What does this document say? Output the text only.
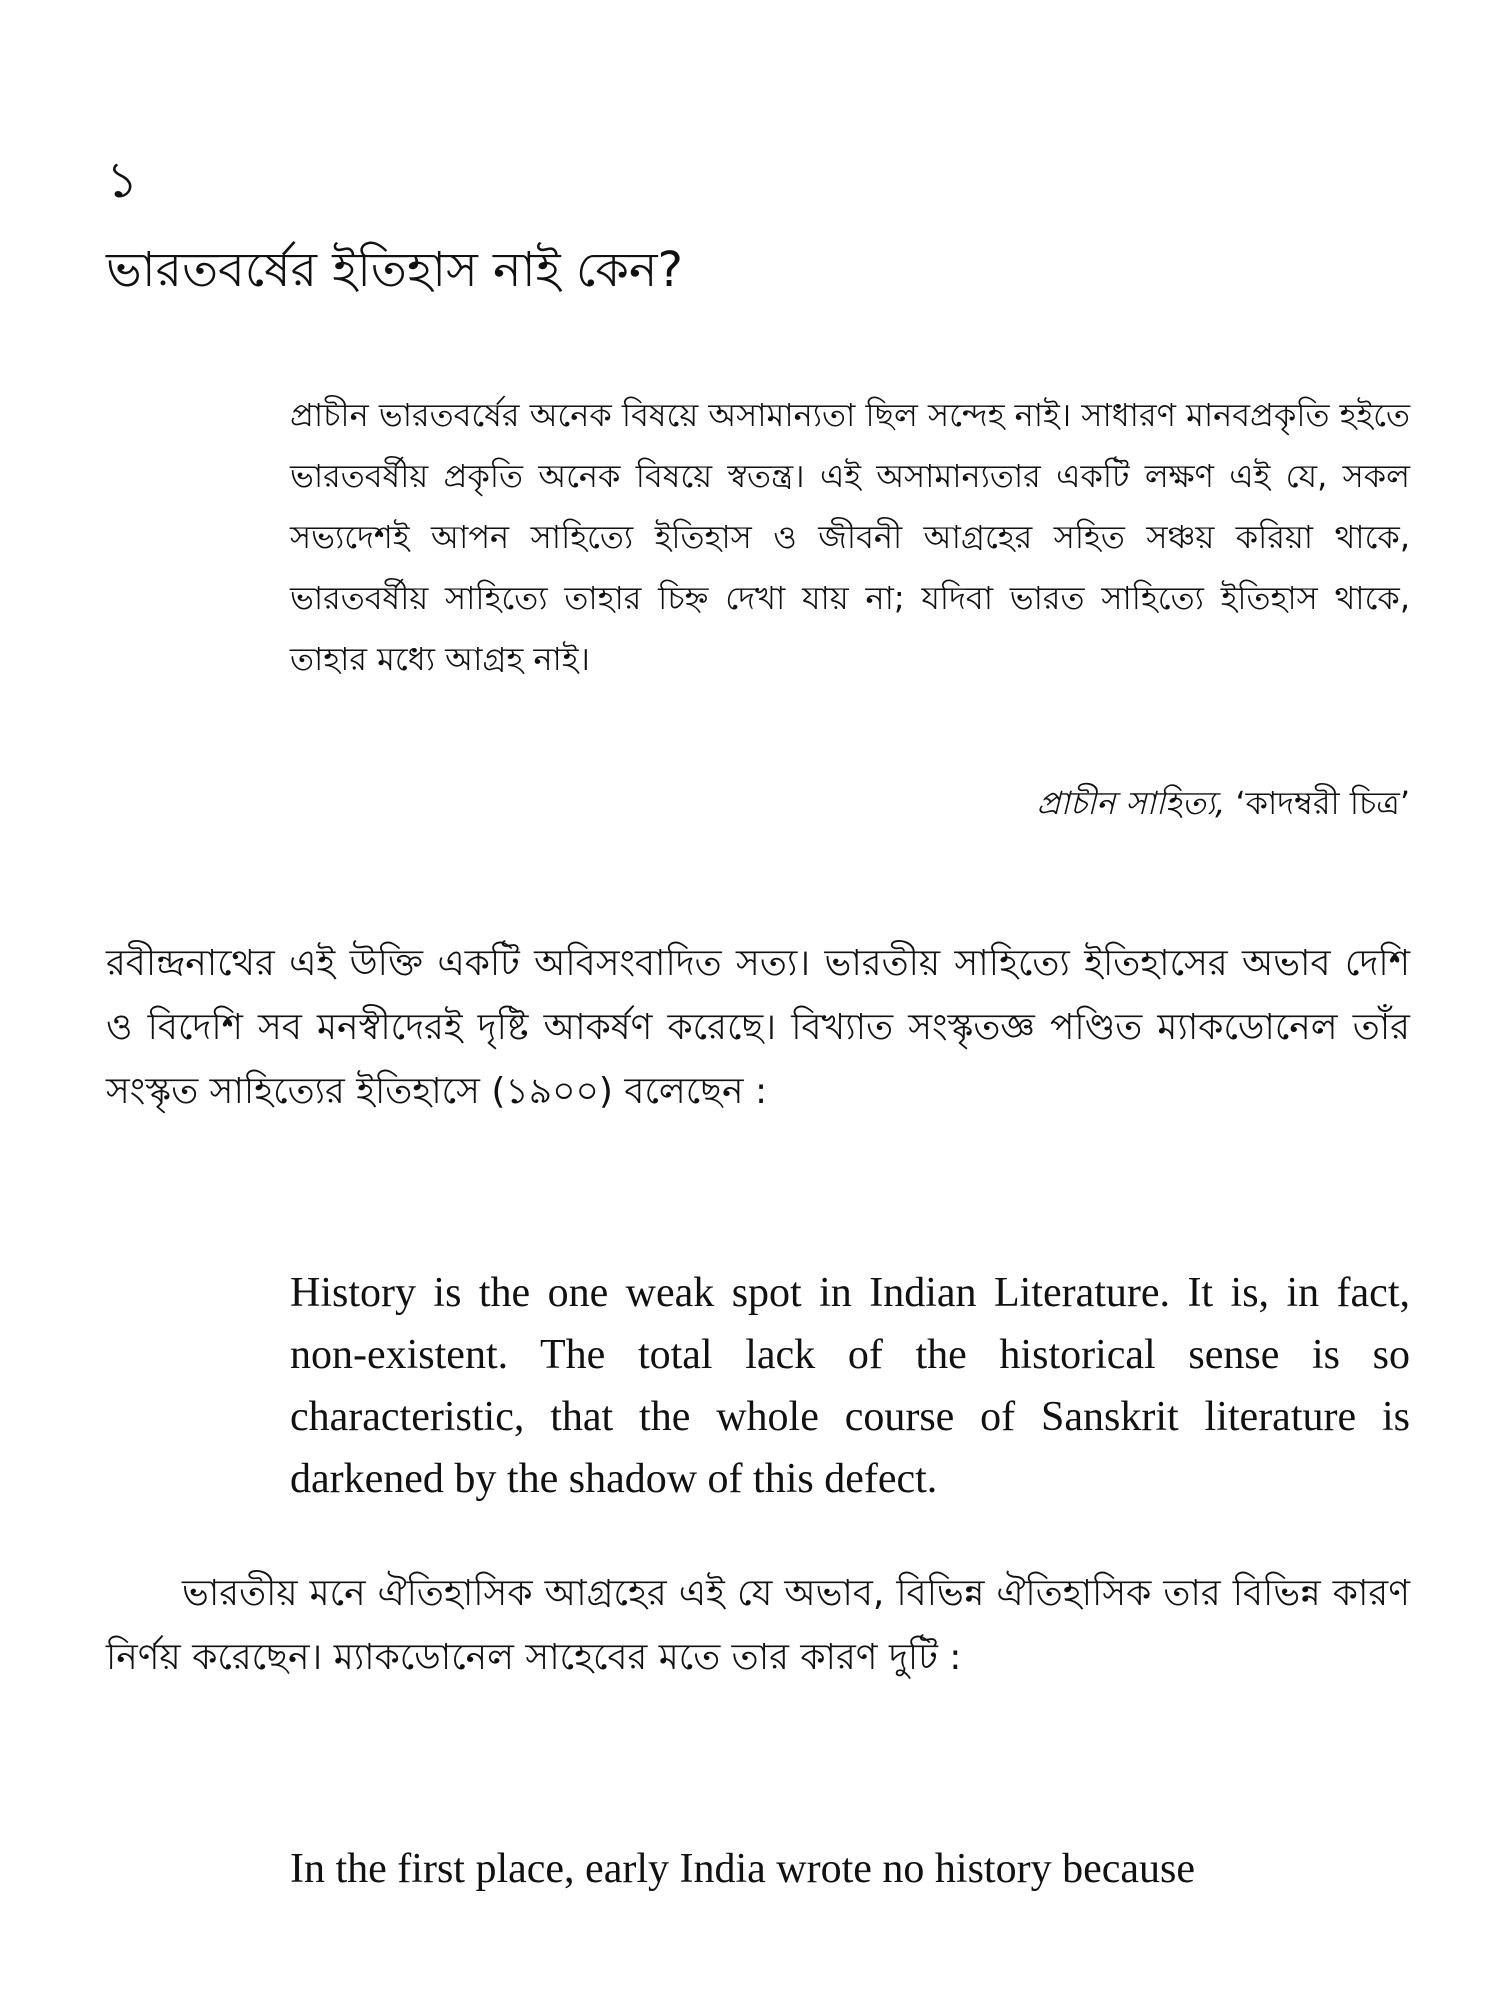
১
ভারতবর্ষের ইতিহাস নাই কেন?

প্রাচীন ভারতবর্ষের অনেক বিষয়ে অসামান্যতা ছিল সন্দেহ নাই। সাধারণ মানবপ্রকৃতি হইতে ভারতবর্ষীয় প্রকৃতি অনেক বিষয়ে স্বতন্ত্র। এই অসামান্যতার একটি লক্ষণ এই যে, সকল সভ্যদেশই আপন সাহিত্যে ইতিহাস ও জীবনী আগ্রহের সহিত সঞ্চয় করিয়া থাকে, ভারতবর্ষীয় সাহিত্যে তাহার চিহ্ন দেখা যায় না; যদিবা ভারত সাহিত্যে ইতিহাস থাকে, তাহার মধ্যে আগ্রহ নাই।

প্রাচীন সাহিত্য, ‘কাদম্বরী চিত্র’

রবীন্দ্রনাথের এই উক্তি একটি অবিসংবাদিত সত্য। ভারতীয় সাহিত্যে ইতিহাসের অভাব দেশি ও বিদেশি সব মনস্বীদেরই দৃষ্টি আকর্ষণ করেছে। বিখ্যাত সংস্কৃতজ্ঞ পণ্ডিত ম্যাকডোনেল তাঁর সংস্কৃত সাহিত্যের ইতিহাসে (১৯০০) বলেছেন :

History is the one weak spot in Indian Literature. It is, in fact, non-existent. The total lack of the historical sense is so characteristic, that the whole course of Sanskrit literature is darkened by the shadow of this defect.

ভারতীয় মনে ঐতিহাসিক আগ্রহের এই যে অভাব, বিভিন্ন ঐতিহাসিক তার বিভিন্ন কারণ নির্ণয় করেছেন। ম্যাকডোনেল সাহেবের মতে তার কারণ দুটি :

In the first place, early India wrote no history because
